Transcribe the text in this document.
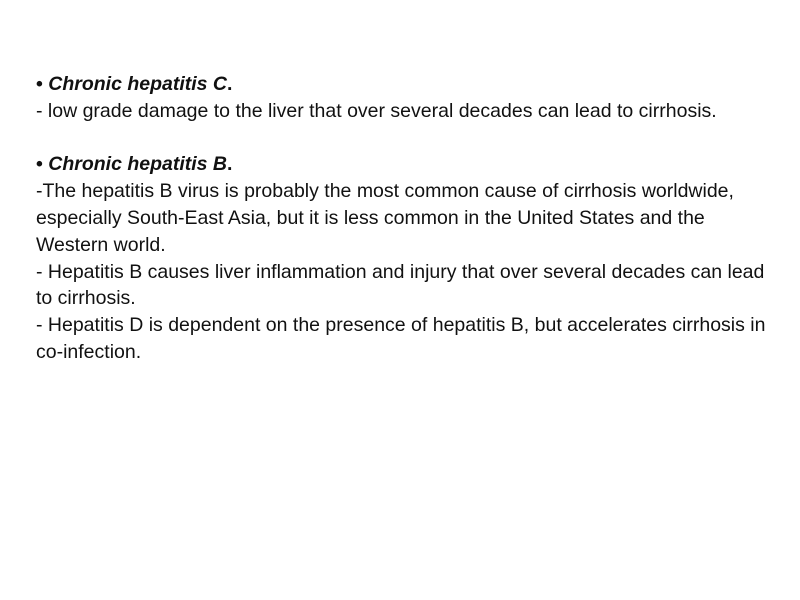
• Chronic hepatitis C.

- low grade damage to the liver that over several decades can lead to cirrhosis.

• Chronic hepatitis B.

-The hepatitis B virus is probably the most common cause of cirrhosis worldwide, especially South-East Asia, but it is less common in the United States and the Western world.

- Hepatitis B causes liver inflammation and injury that over several decades can lead to cirrhosis.

- Hepatitis D is dependent on the presence of hepatitis B, but accelerates cirrhosis in co-infection.
